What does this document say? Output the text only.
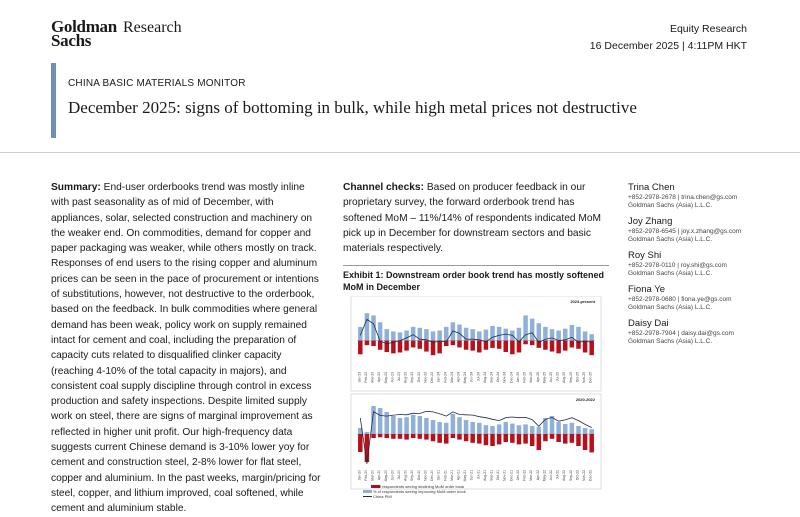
Goldman
Sachs
Research	Equity Research
16 December 2025 | 4:11PM HKT
CHINA BASIC MATERIALS MONITOR
December 2025: signs of bottoming in bulk, while high metal prices not destructive
Summary: End-user orderbooks trend was mostly inline with past seasonality as of mid of December, with appliances, solar, selected construction and machinery on the weaker end. On commodities, demand for copper and paper packaging was weaker, while others mostly on track. Responses of end users to the rising copper and aluminum prices can be seen in the pace of procurement or intentions of substitutions, however, not destructive to the orderbook, based on the feedback. In bulk commodities where general demand has been weak, policy work on supply remained intact for cement and coal, including the preparation of capacity cuts related to disqualified clinker capacity (reaching 4-10% of the total capacity in majors), and consistent coal supply discipline through control in excess production and safety inspections. Despite limited supply work on steel, there are signs of marginal improvement as reflected in higher unit profit. Our high-frequency data suggests current Chinese demand is 3-10% lower yoy for cement and construction steel, 2-8% lower for flat steel, copper and aluminium. In the past weeks, margin/pricing for steel, copper, and lithium improved, coal softened, while cement and aluminium stable.
Channel checks: Based on producer feedback in our proprietary survey, the forward orderbook trend has softened MoM – 11%/14% of respondents indicated MoM pick up in December for downstream sectors and basic materials respectively.
Exhibit 1: Downstream order book trend has mostly softened MoM in December
2023-present
Jan-23 Feb-23 Mar-23 Apr-23 May-23 Jun-23 Jul-23 Aug-23 Sep-23 Oct-23 Nov-23 Dec-23 Jan-24 Feb-24 Mar-24 Apr-24 May-24 Jun-24 Jul-24 Aug-24 Sep-24 Oct-24 Nov-24 Dec-24 Jan-25 Feb-25 Mar-25 Apr-25 May-25 Jun-25 Jul-25 Aug-25 Sep-25 Oct-25 Nov-25 Dec-25
2020-2022
Jan-20 Feb-20 Mar-20 Apr-20 May-20 Jun-20 Jul-20 Aug-20 Sep-20 Oct-20 Nov-20 Dec-20 Jan-21 Feb-21 Mar-21 Apr-21 May-21 Jun-21 Jul-21 Aug-21 Sep-21 Oct-21 Nov-21 Dec-21 Jan-22 Feb-22 Mar-22 Apr-22 May-22 Jun-22 Jul-22 Aug-22 Sep-22 Oct-22 Nov-22 Dec-22
% of respondents seeing declining MoM order book
% of respondents seeing improving MoM order book
China PMI
Trina Chen
+852-2978-2678 | trina.chen@gs.com
Goldman Sachs (Asia) L.L.C.
Joy Zhang
+852-2978-6545 | joy.x.zhang@gs.com
Goldman Sachs (Asia) L.L.C.
Roy Shi
+852-2978-0110 | roy.shi@gs.com
Goldman Sachs (Asia) L.L.C.
Fiona Ye
+852-2978-0680 | fiona.ye@gs.com
Goldman Sachs (Asia) L.L.C.
Daisy Dai
+852-2978-7904 | daisy.dai@gs.com
Goldman Sachs (Asia) L.L.C.
